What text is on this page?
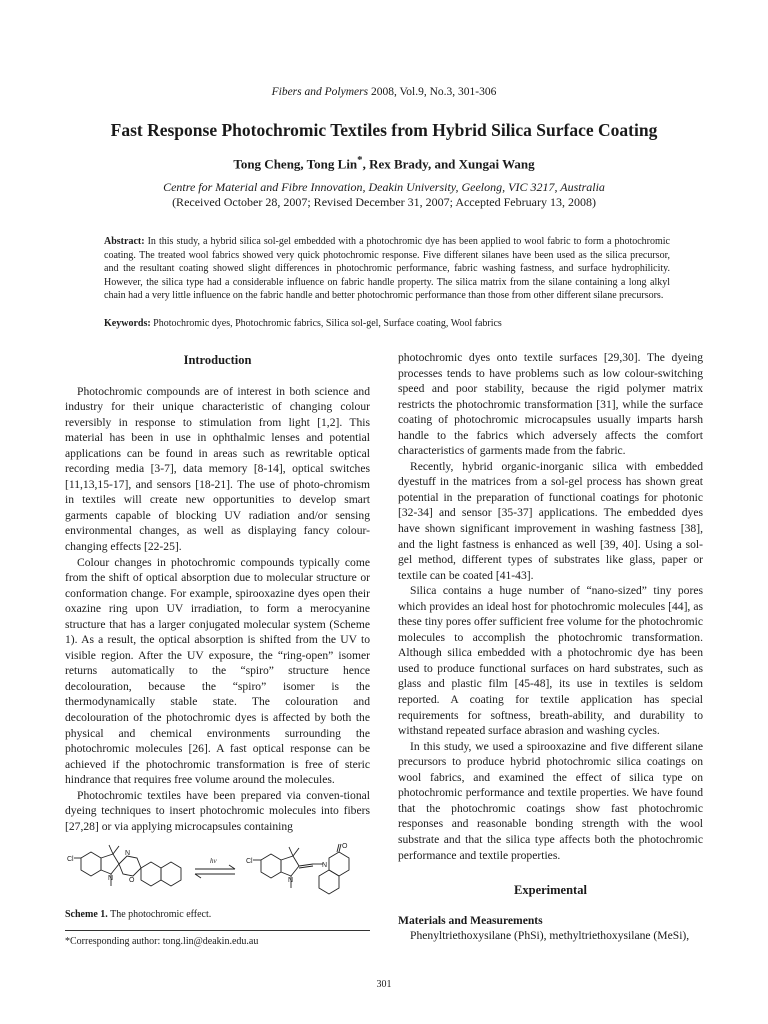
Fibers and Polymers 2008, Vol.9, No.3, 301-306
Fast Response Photochromic Textiles from Hybrid Silica Surface Coating
Tong Cheng, Tong Lin*, Rex Brady, and Xungai Wang
Centre for Material and Fibre Innovation, Deakin University, Geelong, VIC 3217, Australia
(Received October 28, 2007; Revised December 31, 2007; Accepted February 13, 2008)

Abstract: In this study, a hybrid silica sol-gel embedded with a photochromic dye has been applied to wool fabric to form a photochromic coating. The treated wool fabrics showed very quick photochromic response. Five different silanes have been used as the silica precursor, and the resultant coating showed slight differences in photochromic performance, fabric washing fastness, and surface hydrophilicity. However, the silica type had a considerable influence on fabric handle property. The silica matrix from the silane containing a long alkyl chain had a very little influence on the fabric handle and better photochromic performance than those from other different silane precursors.

Keywords: Photochromic dyes, Photochromic fabrics, Silica sol-gel, Surface coating, Wool fabrics

Introduction

Photochromic compounds are of interest in both science and industry for their unique characteristic of changing colour reversibly in response to stimulation from light [1,2]. This material has been in use in ophthalmic lenses and potential applications can be found in areas such as rewritable optical recording media [3-7], data memory [8-14], optical switches [11,13,15-17], and sensors [18-21]. The use of photo-chromism in textiles will create new opportunities to develop smart garments capable of blocking UV radiation and/or sensing environmental changes, as well as displaying fancy colour-changing effects [22-25].

Colour changes in photochromic compounds typically come from the shift of optical absorption due to molecular structure or conformation change. For example, spirooxazine dyes open their oxazine ring upon UV irradiation, to form a merocyanine structure that has a larger conjugated molecular system (Scheme 1). As a result, the optical absorption is shifted from the UV to visible region. After the UV exposure, the “ring-open” isomer returns automatically to the “spiro” structure hence decolouration, because the “spiro” isomer is the thermodynamically stable state. The colouration and decolouration of the photochromic dyes is affected by both the physical and chemical environments surrounding the photochromic molecules [26]. A fast optical response can be achieved if the photochromic transformation is free of steric hindrance that requires free volume around the molecules.

Photochromic textiles have been prepared via conven-tional dyeing techniques to insert photochromic molecules into fibers [27,28] or via applying microcapsules containing

Cl
N
O
N
hν	Cl
N
N
O
Scheme 1. The photochromic effect.
*Corresponding author: tong.lin@deakin.edu.au

photochromic dyes onto textile surfaces [29,30]. The dyeing processes tends to have problems such as low colour-switching speed and poor stability, because the rigid polymer matrix restricts the photochromic transformation [31], while the surface coating of photochromic microcapsules usually imparts harsh handle to the fabrics which adversely affects the comfort characteristics of garments made from the fabric.

Recently, hybrid organic-inorganic silica with embedded dyestuff in the matrices from a sol-gel process has shown great potential in the preparation of functional coatings for photonic [32-34] and sensor [35-37] applications. The embedded dyes have shown significant improvement in washing fastness [38], and the light fastness is enhanced as well [39, 40]. Using a sol-gel method, different types of substrates like glass, paper or textile can be coated [41-43].

Silica contains a huge number of “nano-sized” tiny pores which provides an ideal host for photochromic molecules [44], as these tiny pores offer sufficient free volume for the photochromic molecules to accomplish the photochromic transformation. Although silica embedded with a photochromic dye has been used to produce functional surfaces on hard substrates, such as glass and plastic film [45-48], its use in textiles is seldom reported. A coating for textile application has special requirements for softness, breath-ability, and durability to withstand repeated surface abrasion and washing cycles.

In this study, we used a spirooxazine and five different silane precursors to produce hybrid photochromic silica coatings on wool fabrics, and examined the effect of silica type on photochromic performance and textile properties. We have found that the photochromic coatings show fast photochromic responses and reasonable bonding strength with the wool substrate and that the silica type affects both the photochromic performance and textile properties.

Experimental
Materials and Measurements

Phenyltriethoxysilane (PhSi), methyltriethoxysilane (MeSi),

301
